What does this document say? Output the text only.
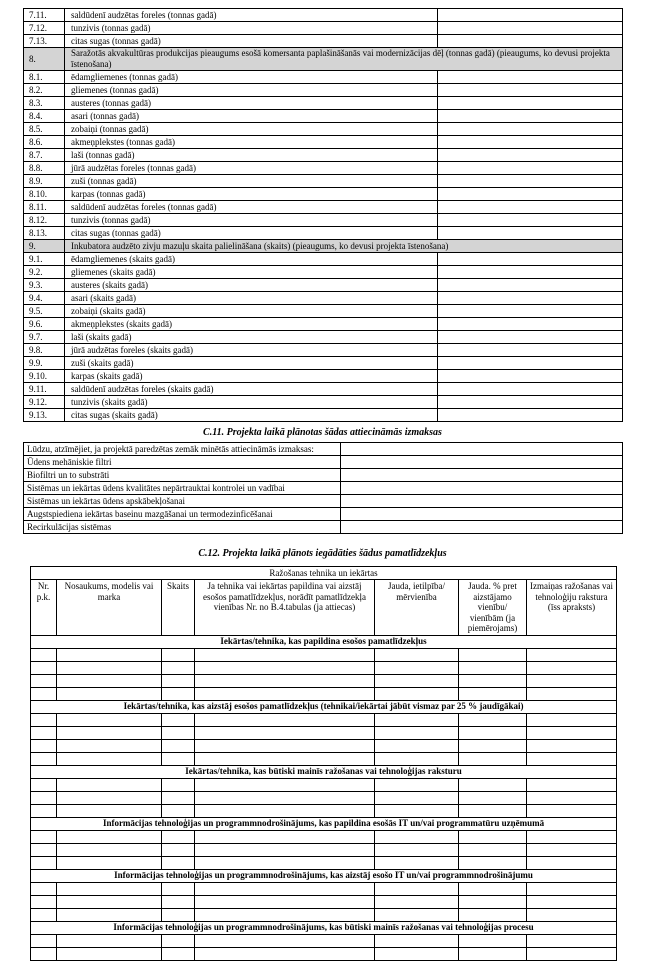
7.11.	saldūdenī audzētas foreles (tonnas gadā)	
7.12.	tunzivis (tonnas gadā)	
7.13.	citas sugas (tonnas gadā)	
8.	Saražotās akvakultūras produkcijas pieaugums esošā komersanta paplašināšanās vai modernizācijas dēļ (tonnas gadā) (pieaugums, ko devusi projekta īstenošana)	
8.1.	ēdamgliemenes (tonnas gadā)	
8.2.	gliemenes (tonnas gadā)	
8.3.	austeres (tonnas gadā)	
8.4.	asari (tonnas gadā)	
8.5.	zobaiņi (tonnas gadā)	
8.6.	akmeņplekstes (tonnas gadā)	
8.7.	laši (tonnas gadā)	
8.8.	jūrā audzētas foreles (tonnas gadā)	
8.9.	zuši (tonnas gadā)	
8.10.	karpas (tonnas gadā)	
8.11.	saldūdenī audzētas foreles (tonnas gadā)	
8.12.	tunzivis (tonnas gadā)	
8.13.	citas sugas (tonnas gadā)	
9.	Inkubatora audzēto zivju mazuļu skaita palielināšana (skaits) (pieaugums, ko devusi projekta īstenošana)	
9.1.	ēdamgliemenes (skaits gadā)	
9.2.	gliemenes (skaits gadā)	
9.3.	austeres (skaits gadā)	
9.4.	asari (skaits gadā)	
9.5.	zobaiņi (skaits gadā)	
9.6.	akmeņplekstes (skaits gadā)	
9.7.	laši (skaits gadā)	
9.8.	jūrā audzētas foreles (skaits gadā)	
9.9.	zuši (skaits gadā)	
9.10.	karpas (skaits gadā)	
9.11.	saldūdenī audzētas foreles (skaits gadā)	
9.12.	tunzivis (skaits gadā)	
9.13.	citas sugas (skaits gadā)	
C.11. Projekta laikā plānotas šādas attiecināmās izmaksas
Lūdzu, atzīmējiet, ja projektā paredzētas zemāk minētās attiecināmās izmaksas:	
Ūdens mehāniskie filtri	
Biofiltri un to substrāti	
Sistēmas un iekārtas ūdens kvalitātes nepārtrauktai kontrolei un vadībai	
Sistēmas un iekārtas ūdens apskābekļošanai	
Augstspiediena iekārtas baseinu mazgāšanai un termodezinficēšanai	
Recirkulācijas sistēmas	
C.12. Projekta laikā plānots iegādāties šādus pamatlīdzekļus
Ražošanas tehnika un iekārtas						
Nr. p.k.	Nosaukums, modelis vai marka	Skaits	Ja tehnika vai iekārtas papildina vai aizstāj esošos pamatlīdzekļus, norādīt pamatlīdzekļa vienības Nr. no B.4.tabulas (ja attiecas)	Jauda, ietilpība/ mērvienība	Jauda. % pret aizstājamo vienību/ vienībām (ja piemērojams)	Izmaiņas ražošanas vai tehnoloģiju rakstura (īss apraksts)
Iekārtas/tehnika, kas papildina esošos pamatlīdzekļus						

Iekārtas/tehnika, kas aizstāj esošos pamatlīdzekļus (tehnikai/iekārtai jābūt vismaz par 25 % jaudīgākai)						

Iekārtas/tehnika, kas būtiski mainīs ražošanas vai tehnoloģijas raksturu						

Informācijas tehnoloģijas un programmnodrošinājums, kas papildina esošās IT un/vai programmatūru uzņēmumā						

Informācijas tehnoloģijas un programmnodrošinājums, kas aizstāj esošo IT un/vai programmnodrošinājumu						

Informācijas tehnoloģijas un programmnodrošinājums, kas būtiski mainīs ražošanas vai tehnoloģijas procesu						
